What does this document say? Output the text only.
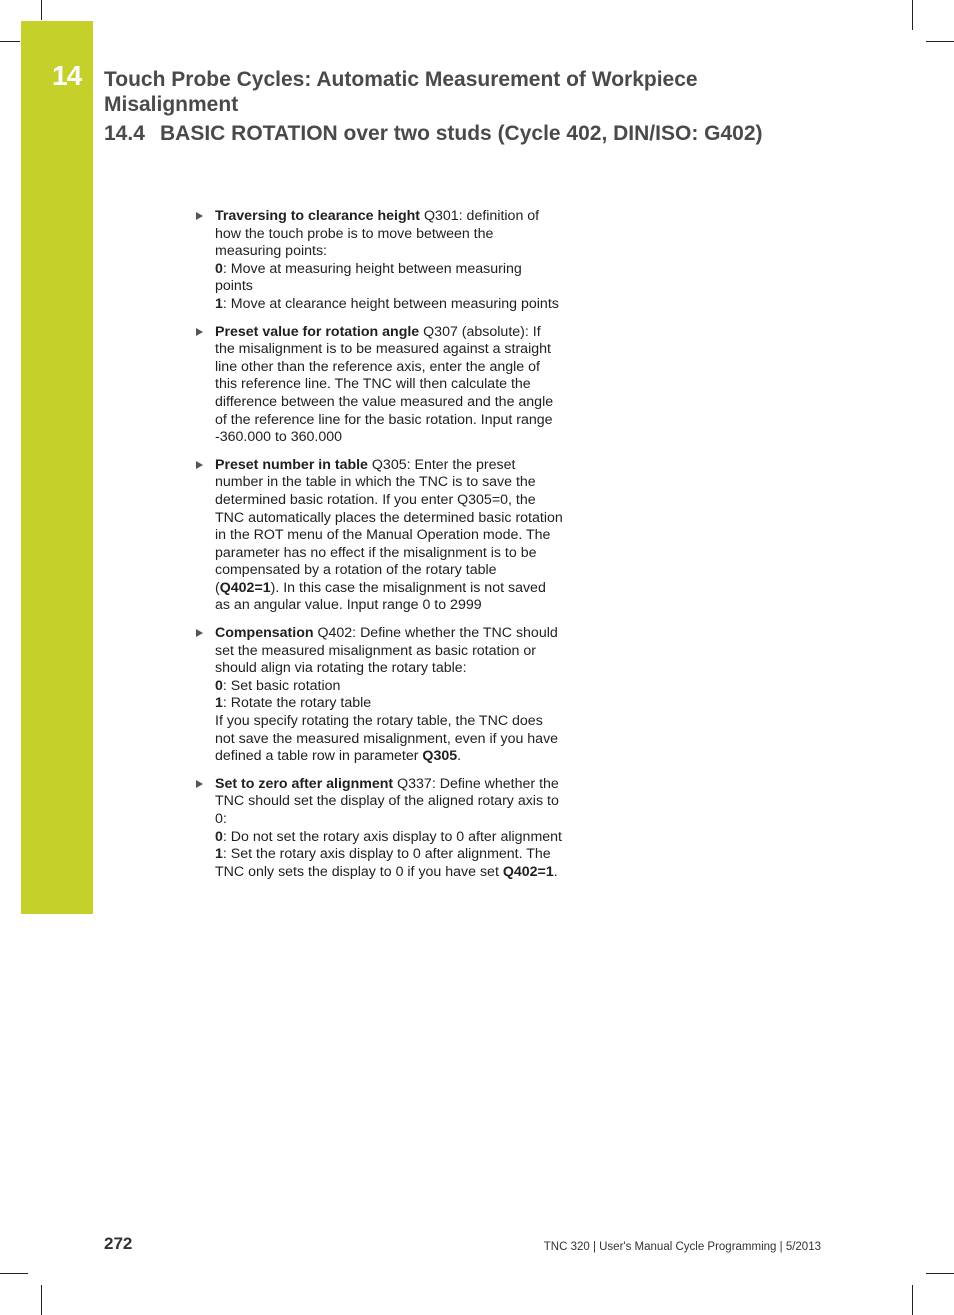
14 Touch Probe Cycles: Automatic Measurement of Workpiece Misalignment
14.4 BASIC ROTATION over two studs (Cycle 402, DIN/ISO: G402)
Traversing to clearance height Q301: definition of how the touch probe is to move between the measuring points:
0: Move at measuring height between measuring points
1: Move at clearance height between measuring points
Preset value for rotation angle Q307 (absolute): If the misalignment is to be measured against a straight line other than the reference axis, enter the angle of this reference line. The TNC will then calculate the difference between the value measured and the angle of the reference line for the basic rotation. Input range -360.000 to 360.000
Preset number in table Q305: Enter the preset number in the table in which the TNC is to save the determined basic rotation. If you enter Q305=0, the TNC automatically places the determined basic rotation in the ROT menu of the Manual Operation mode. The parameter has no effect if the misalignment is to be compensated by a rotation of the rotary table (Q402=1). In this case the misalignment is not saved as an angular value. Input range 0 to 2999
Compensation Q402: Define whether the TNC should set the measured misalignment as basic rotation or should align via rotating the rotary table:
0: Set basic rotation
1: Rotate the rotary table
If you specify rotating the rotary table, the TNC does not save the measured misalignment, even if you have defined a table row in parameter Q305.
Set to zero after alignment Q337: Define whether the TNC should set the display of the aligned rotary axis to 0:
0: Do not set the rotary axis display to 0 after alignment
1: Set the rotary axis display to 0 after alignment. The TNC only sets the display to 0 if you have set Q402=1.
272	TNC 320 | User's Manual Cycle Programming | 5/2013
